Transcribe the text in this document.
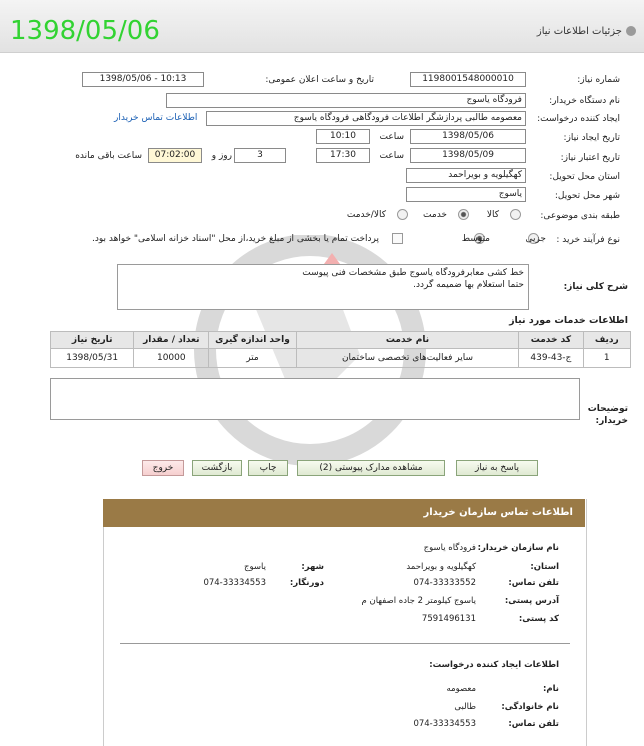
جزئیات اطلاعات نیاز
1398/05/06
شماره نیاز:
1198001548000010
تاریخ و ساعت اعلان عمومی:
1398/05/06 - 10:13
نام دستگاه خریدار:
فرودگاه یاسوج
ایجاد کننده درخواست:
معصومه طالبی پردازشگر اطلاعات فرودگاهی فرودگاه یاسوج
اطلاعات تماس خریدار
تاریخ ایجاد نیاز:
1398/05/06
ساعت
10:10
تاریخ اعتبار نیاز:
1398/05/09
ساعت
17:30
3
روز و
07:02:00
ساعت باقی مانده
استان محل تحویل:
کهگیلویه و بویراحمد
شهر محل تحویل:
یاسوج
طبقه بندی موضوعی:
کالا
خدمت
کالا/خدمت
نوع فرآیند خرید :
جزیی
متوسط
پرداخت تمام یا بخشی از مبلغ خرید،از محل "اسناد خزانه اسلامی" خواهد بود.
شرح کلی نیاز:
خط کشی معابرفرودگاه یاسوج طبق مشخصات فنی پیوست
حتما استعلام بها ضمیمه گردد.
اطلاعات خدمات مورد نیاز
ردیف	کد خدمت	نام خدمت	واحد اندازه گیری	تعداد / مقدار	تاریخ نیاز
1	ج-43-439	سایر فعالیت‌های تخصصی ساختمان	متر	10000	1398/05/31
توضیحات خریدار:
پاسخ به نیاز
مشاهده مدارک پیوستی (2)
چاپ
بازگشت
خروج
اطلاعات تماس سازمان خریدار
نام سازمان خریدار:
فرودگاه یاسوج
استان:
کهگیلویه و بویراحمد
شهر:
یاسوج
تلفن تماس:
074-33333552
دورنگار:
074-33334553
آدرس پستی:
یاسوج کیلومتر 2 جاده اصفهان م
کد پستی:
7591496131
اطلاعات ایجاد کننده درخواست:
نام:
معصومه
نام خانوادگی:
طالبی
تلفن تماس:
074-33334553
